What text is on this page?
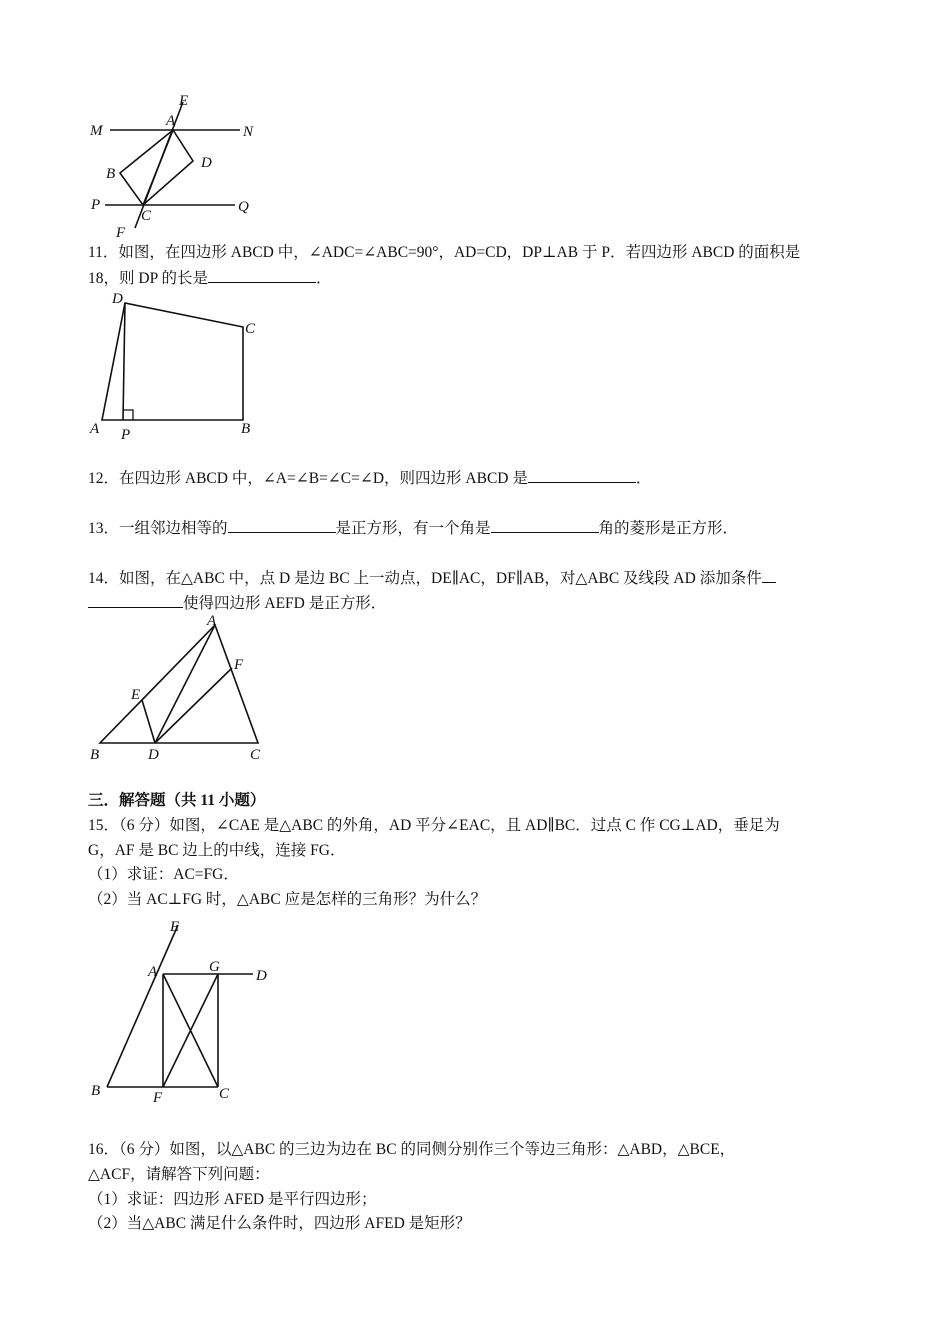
E
M
A
N
B
D
P
C
Q
F
11．如图，在四边形 ABCD 中，∠ADC=∠ABC=90°，AD=CD，DP⊥AB 于 P．若四边形 ABCD 的面积是
18，则 DP 的长是	．
D
C
A P	B
12．在四边形 ABCD 中，∠A=∠B=∠C=∠D，则四边形 ABCD 是	．
13．一组邻边相等的	是正方形，有一个角是	角的菱形是正方形．
14．如图，在△ABC 中，点 D 是边 BC 上一动点，DE∥AC，DF∥AB，对△ABC 及线段 AD 添加条件
使得四边形 AEFD 是正方形．
A
F
E
B	D	C
三．解答题（共 11 小题）
15．（6 分）如图，∠CAE 是△ABC 的外角，AD 平分∠EAC，且 AD∥BC．过点 C 作 CG⊥AD，垂足为
G，AF 是 BC 边上的中线，连接 FG．
（1）求证：AC=FG．
（2）当 AC⊥FG 时，△ABC 应是怎样的三角形？为什么？
E
A	G
D
B	F	C
16．（6 分）如图，以△ABC 的三边为边在 BC 的同侧分别作三个等边三角形：△ABD，△BCE，
△ACF，请解答下列问题：
（1）求证：四边形 AFED 是平行四边形；
（2）当△ABC 满足什么条件时，四边形 AFED 是矩形？
